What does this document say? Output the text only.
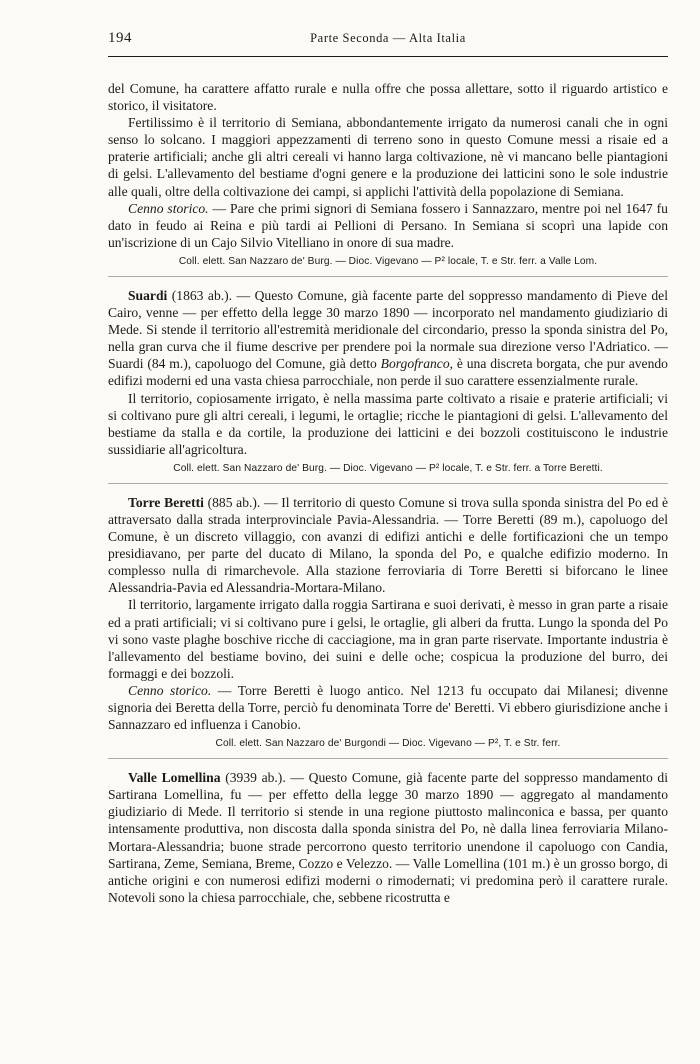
194	Parte Seconda — Alta Italia

del Comune, ha carattere affatto rurale e nulla offre che possa allettare, sotto il riguardo artistico e storico, il visitatore.

Fertilissimo è il territorio di Semiana, abbondantemente irrigato da numerosi canali che in ogni senso lo solcano. I maggiori appezzamenti di terreno sono in questo Comune messi a risaie ed a praterie artificiali; anche gli altri cereali vi hanno larga coltivazione, nè vi mancano belle piantagioni di gelsi. L'allevamento del bestiame d'ogni genere e la produzione dei latticini sono le sole industrie alle quali, oltre della coltivazione dei campi, si applichi l'attività della popolazione di Semiana.

Cenno storico. — Pare che primi signori di Semiana fossero i Sannazzaro, mentre poi nel 1647 fu dato in feudo ai Reina e più tardi ai Pellioni di Persano. In Semiana si scoprì una lapide con un'iscrizione di un Cajo Silvio Vitelliano in onore di sua madre.

Coll. elett. San Nazzaro de' Burg. — Dioc. Vigevano — P² locale, T. e Str. ferr. a Valle Lom.

Suardi (1863 ab.). — Questo Comune, già facente parte del soppresso mandamento di Pieve del Cairo, venne — per effetto della legge 30 marzo 1890 — incorporato nel mandamento giudiziario di Mede. Si stende il territorio all'estremità meridionale del circondario, presso la sponda sinistra del Po, nella gran curva che il fiume descrive per prendere poi la normale sua direzione verso l'Adriatico. — Suardi (84 m.), capoluogo del Comune, già detto Borgofranco, è una discreta borgata, che pur avendo edifizi moderni ed una vasta chiesa parrocchiale, non perde il suo carattere essenzialmente rurale.

Il territorio, copiosamente irrigato, è nella massima parte coltivato a risaie e praterie artificiali; vi si coltivano pure gli altri cereali, i legumi, le ortaglie; ricche le piantagioni di gelsi. L'allevamento del bestiame da stalla e da cortile, la produzione dei latticini e dei bozzoli costituiscono le industrie sussidiarie all'agricoltura.

Coll. elett. San Nazzaro de' Burg. — Dioc. Vigevano — P² locale, T. e Str. ferr. a Torre Beretti.

Torre Beretti (885 ab.). — Il territorio di questo Comune si trova sulla sponda sinistra del Po ed è attraversato dalla strada interprovinciale Pavia-Alessandria. — Torre Beretti (89 m.), capoluogo del Comune, è un discreto villaggio, con avanzi di edifizi antichi e delle fortificazioni che un tempo presidiavano, per parte del ducato di Milano, la sponda del Po, e qualche edifizio moderno. In complesso nulla di rimarchevole. Alla stazione ferroviaria di Torre Beretti si biforcano le linee Alessandria-Pavia ed Alessandria-Mortara-Milano.

Il territorio, largamente irrigato dalla roggia Sartirana e suoi derivati, è messo in gran parte a risaie ed a prati artificiali; vi si coltivano pure i gelsi, le ortaglie, gli alberi da frutta. Lungo la sponda del Po vi sono vaste plaghe boschive ricche di cacciagione, ma in gran parte riservate. Importante industria è l'allevamento del bestiame bovino, dei suini e delle oche; cospicua la produzione del burro, dei formaggi e dei bozzoli.

Cenno storico. — Torre Beretti è luogo antico. Nel 1213 fu occupato dai Milanesi; divenne signoria dei Beretta della Torre, perciò fu denominata Torre de' Beretti. Vi ebbero giurisdizione anche i Sannazzaro ed influenza i Canobio.

Coll. elett. San Nazzaro de' Burgondi — Dioc. Vigevano — P², T. e Str. ferr.

Valle Lomellina (3939 ab.). — Questo Comune, già facente parte del soppresso mandamento di Sartirana Lomellina, fu — per effetto della legge 30 marzo 1890 — aggregato al mandamento giudiziario di Mede. Il territorio si stende in una regione piuttosto malinconica e bassa, per quanto intensamente produttiva, non discosta dalla sponda sinistra del Po, nè dalla linea ferroviaria Milano-Mortara-Alessandria; buone strade percorrono questo territorio unendone il capoluogo con Candia, Sartirana, Zeme, Semiana, Breme, Cozzo e Velezzo. — Valle Lomellina (101 m.) è un grosso borgo, di antiche origini e con numerosi edifizi moderni o rimodernati; vi predomina però il carattere rurale. Notevoli sono la chiesa parrocchiale, che, sebbene ricostrutta e
